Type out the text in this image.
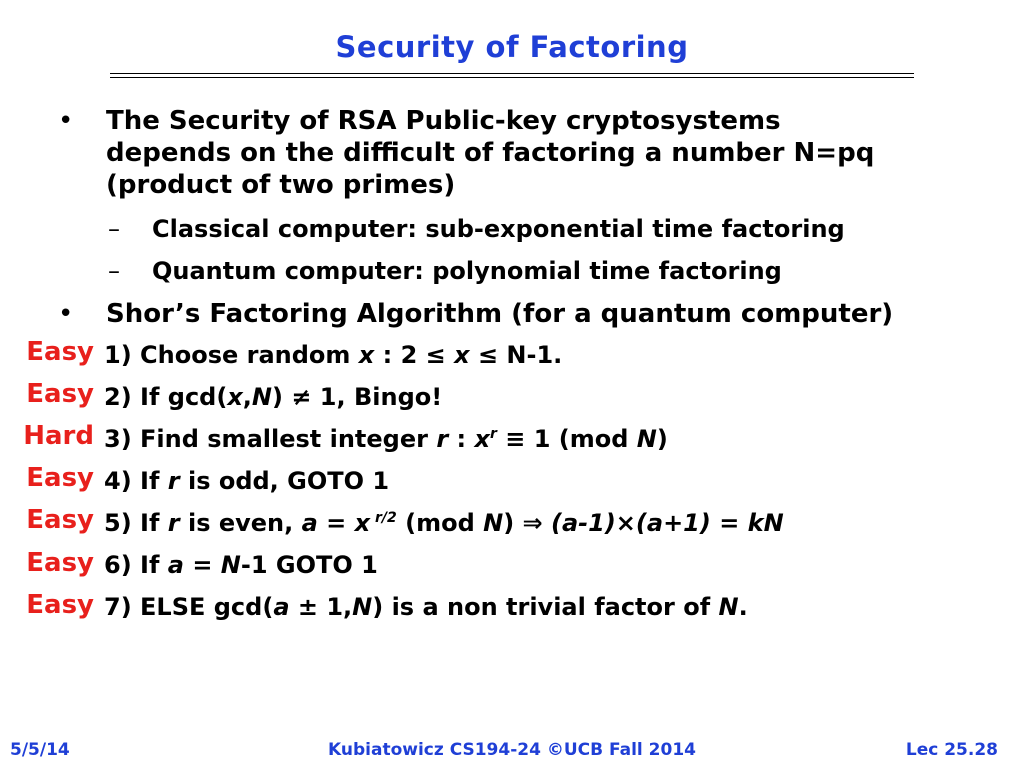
Security of Factoring
• The Security of RSA Public-key cryptosystems
depends on the difficult of factoring a number N=pq
(product of two primes)
– Classical computer: sub-exponential time factoring
– Quantum computer: polynomial time factoring
• Shor’s Factoring Algorithm (for a quantum computer)
Easy
Easy
Hard
Easy
Easy
Easy
Easy
1) Choose random x : 2 ≤ x ≤ N-1.
2) If gcd(x,N) ≠ 1, Bingo!
3) Find smallest integer r : $x^r \equiv 1$ (mod N)
4) If r is odd, GOTO 1
5) If r is even, a = x $^{r/2}$ (mod N) ⇒ (a-1)×(a+1) = kN
6) If a = N-1 GOTO 1
7) ELSE gcd(a ± 1,N) is a non trivial factor of N.
5/5/14	Kubiatowicz CS194-24 ©UCB Fall 2014	Lec 25.28
